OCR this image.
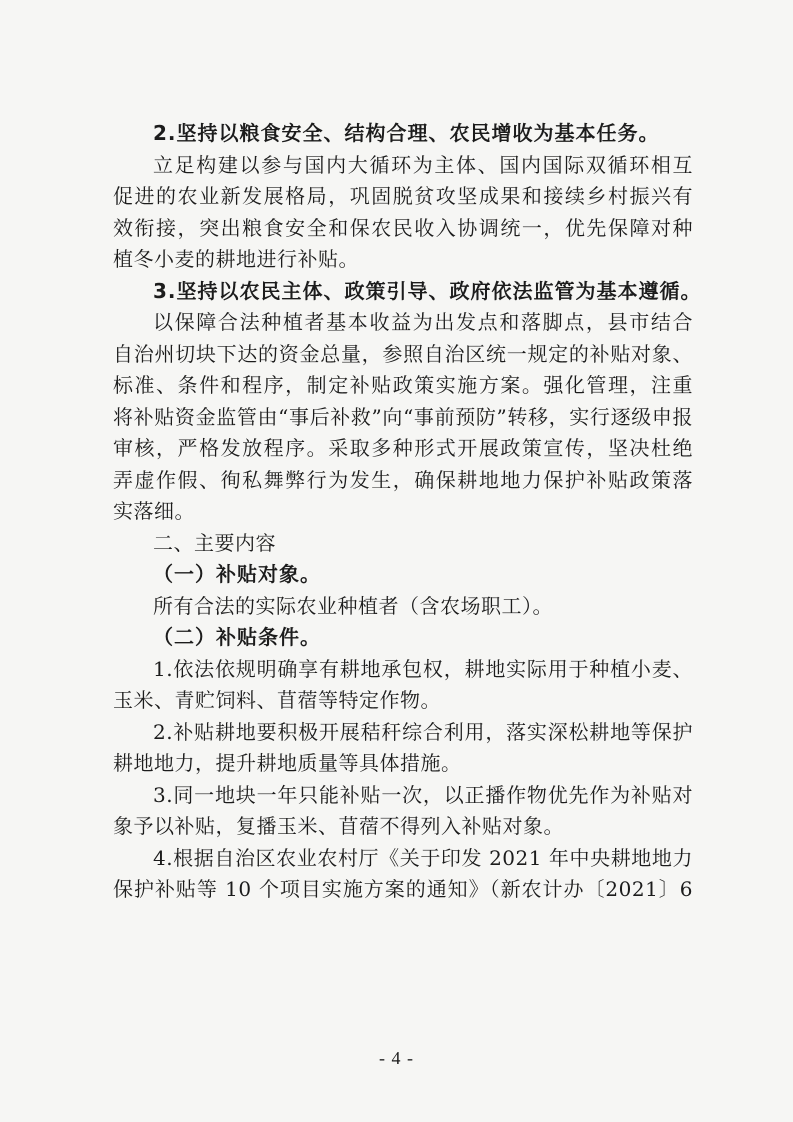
2.坚持以粮食安全、结构合理、农民增收为基本任务。
立足构建以参与国内大循环为主体、国内国际双循环相互
促进的农业新发展格局，巩固脱贫攻坚成果和接续乡村振兴有
效衔接，突出粮食安全和保农民收入协调统一，优先保障对种
植冬小麦的耕地进行补贴。
3.坚持以农民主体、政策引导、政府依法监管为基本遵循。
以保障合法种植者基本收益为出发点和落脚点，县市结合
自治州切块下达的资金总量，参照自治区统一规定的补贴对象、
标准、条件和程序，制定补贴政策实施方案。强化管理，注重
将补贴资金监管由“事后补救”向“事前预防”转移，实行逐级申报
审核，严格发放程序。采取多种形式开展政策宣传，坚决杜绝
弄虚作假、徇私舞弊行为发生，确保耕地地力保护补贴政策落
实落细。
二、主要内容
（一）补贴对象。
所有合法的实际农业种植者（含农场职工）。
（二）补贴条件。
1.依法依规明确享有耕地承包权，耕地实际用于种植小麦、
玉米、青贮饲料、苜蓿等特定作物。
2.补贴耕地要积极开展秸秆综合利用，落实深松耕地等保护
耕地地力，提升耕地质量等具体措施。
3.同一地块一年只能补贴一次，以正播作物优先作为补贴对
象予以补贴，复播玉米、苜蓿不得列入补贴对象。
4.根据自治区农业农村厅《关于印发 2021 年中央耕地地力
保护补贴等 10 个项目实施方案的通知》（新农计办〔2021〕6
- 4 -
